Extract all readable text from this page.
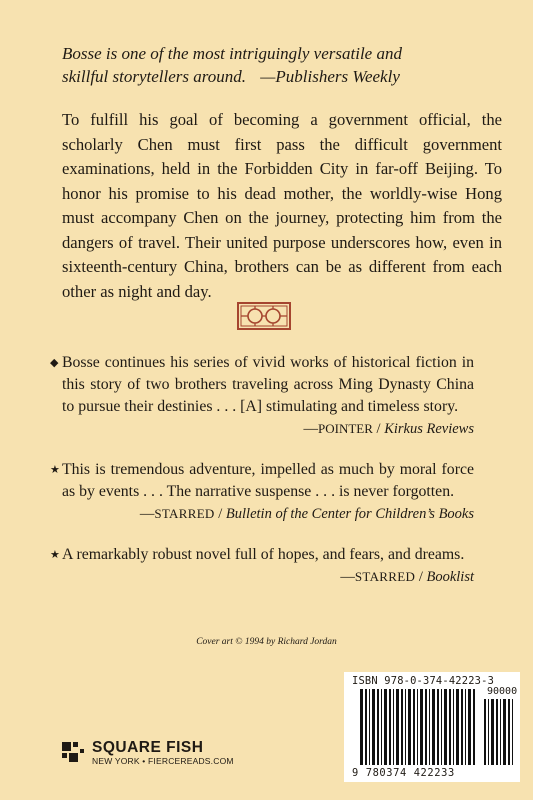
Bosse is one of the most intriguingly versatile and
skillful storytellers around. —Publishers Weekly
To fulfill his goal of becoming a government official, the scholarly Chen must first pass the difficult government examinations, held in the Forbidden City in far-off Beijing. To honor his promise to his dead mother, the worldly-wise Hong must accompany Chen on the journey, protecting him from the dangers of travel. Their united purpose underscores how, even in sixteenth-century China, brothers can be as different from each other as night and day.
◆ Bosse continues his series of vivid works of historical fiction in this story of two brothers traveling across Ming Dynasty China to pursue their destinies . . . [A] stimulating and timeless story.
—POINTER / Kirkus Reviews
★ This is tremendous adventure, impelled as much by moral force as by events . . . The narrative suspense . . . is never forgotten.
—STARRED / Bulletin of the Center for Children’s Books
★ A remarkably robust novel full of hopes, and fears, and dreams.
—STARRED / Booklist
Cover art © 1994 by Richard Jordan
SQUARE FISH
NEW YORK • FIERCEREADS.COM
ISBN 978-0-374-42223-3
90000
9 780374 422233
